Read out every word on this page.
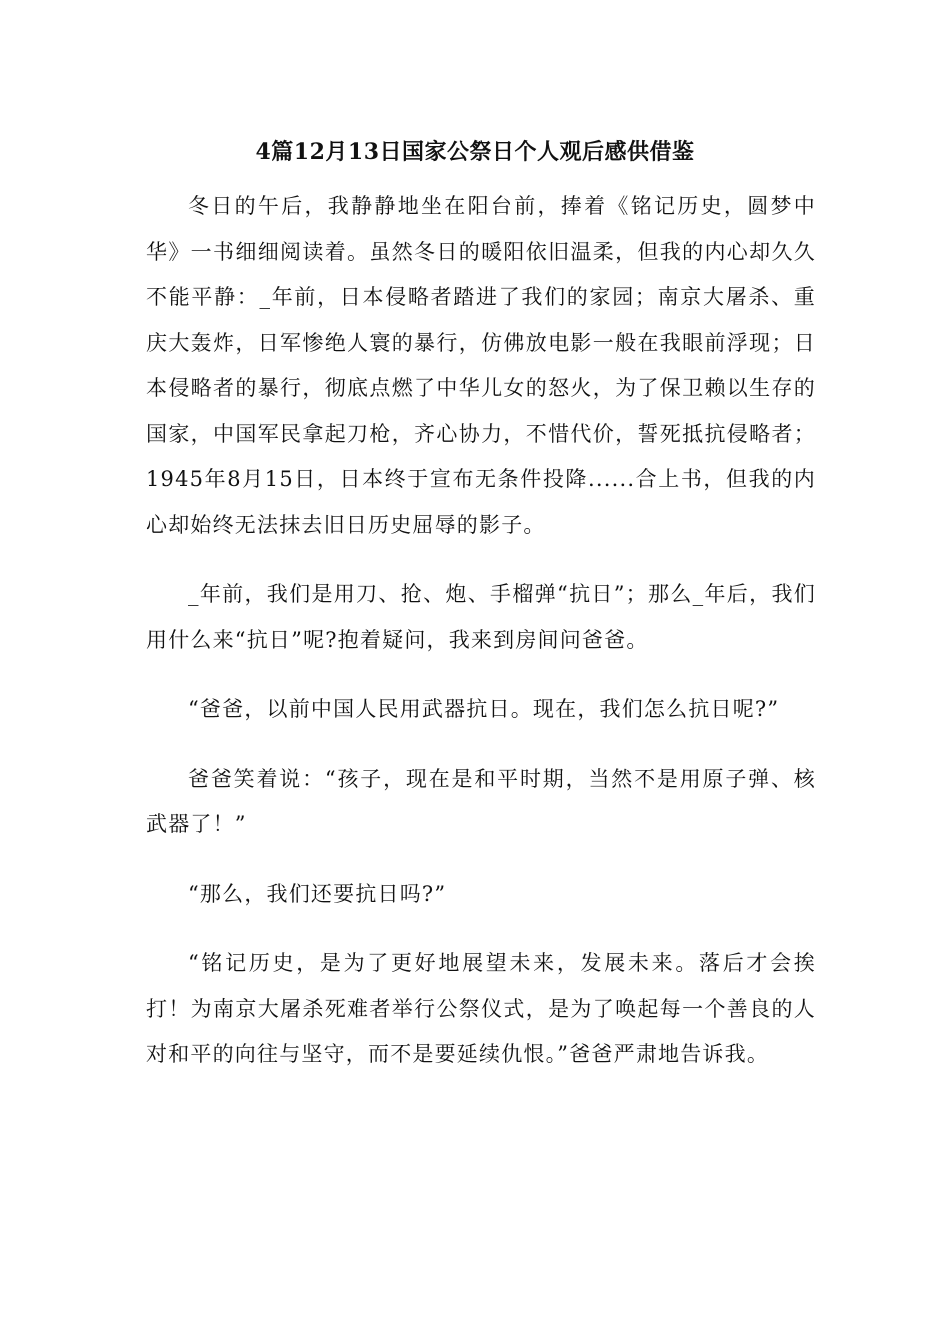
4篇12月13日国家公祭日个人观后感供借鉴

冬日的午后，我静静地坐在阳台前，捧着《铭记历史，圆梦中华》一书细细阅读着。虽然冬日的暖阳依旧温柔，但我的内心却久久不能平静：_年前，日本侵略者踏进了我们的家园；南京大屠杀、重庆大轰炸，日军惨绝人寰的暴行，仿佛放电影一般在我眼前浮现；日本侵略者的暴行，彻底点燃了中华儿女的怒火，为了保卫赖以生存的国家，中国军民拿起刀枪，齐心协力，不惜代价，誓死抵抗侵略者；1945年8月15日，日本终于宣布无条件投降......合上书，但我的内心却始终无法抹去旧日历史屈辱的影子。

_年前，我们是用刀、抢、炮、手榴弹“抗日”；那么_年后，我们用什么来“抗日”呢?抱着疑问，我来到房间问爸爸。

“爸爸，以前中国人民用武器抗日。现在，我们怎么抗日呢?”

爸爸笑着说：“孩子，现在是和平时期，当然不是用原子弹、核武器了！”

“那么，我们还要抗日吗?”

“铭记历史，是为了更好地展望未来，发展未来。落后才会挨打！为南京大屠杀死难者举行公祭仪式，是为了唤起每一个善良的人对和平的向往与坚守，而不是要延续仇恨。”爸爸严肃地告诉我。
